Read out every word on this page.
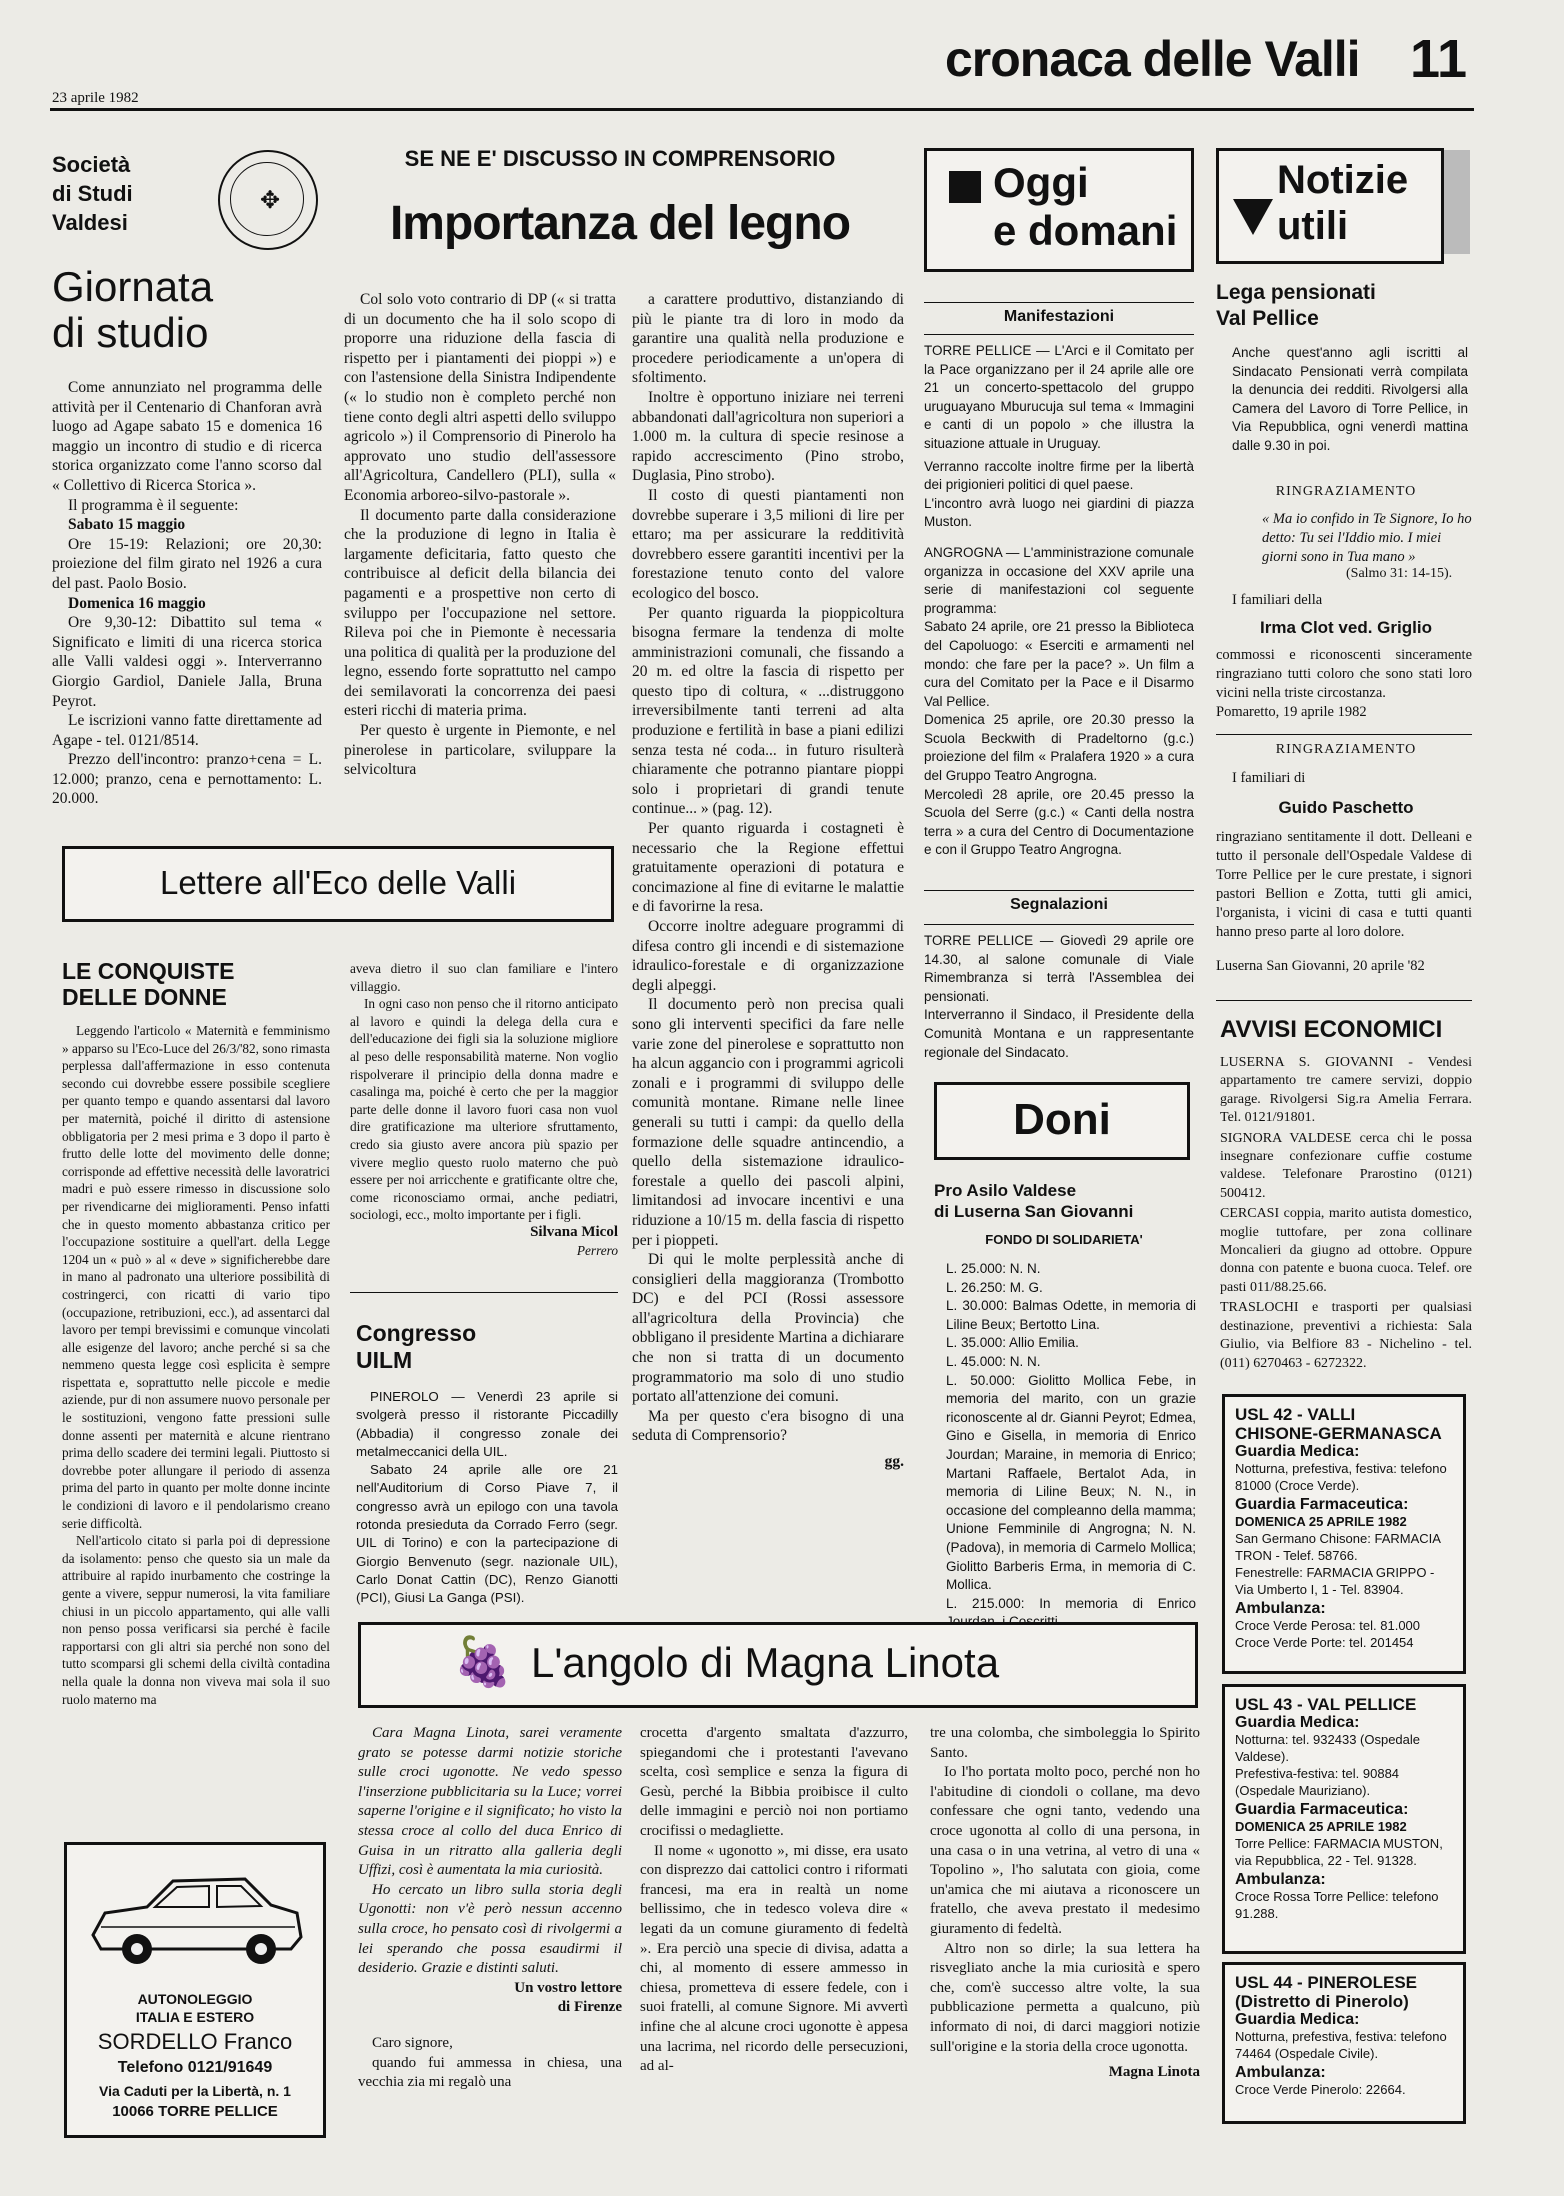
cronaca delle Valli 11
23 aprile 1982
Società
di Studi
Valdesi
✥
Giornata
di studio

Come annunziato nel programma delle attività per il Centenario di Chanforan avrà luogo ad Agape sabato 15 e domenica 16 maggio un incontro di studio e di ricerca storica organizzato come l'anno scorso dal « Collettivo di Ricerca Storica ».

Il programma è il seguente:

Sabato 15 maggio

Ore 15-19: Relazioni; ore 20,30: proiezione del film girato nel 1926 a cura del past. Paolo Bosio.

Domenica 16 maggio

Ore 9,30-12: Dibattito sul tema « Significato e limiti di una ricerca storica alle Valli valdesi oggi ». Interverranno Giorgio Gardiol, Daniele Jalla, Bruna Peyrot.

Le iscrizioni vanno fatte direttamente ad Agape - tel. 0121/8514.

Prezzo dell'incontro: pranzo+cena = L. 12.000; pranzo, cena e pernottamento: L. 20.000.

SE NE E' DISCUSSO IN COMPRENSORIO
Importanza del legno

Col solo voto contrario di DP (« si tratta di un documento che ha il solo scopo di proporre una riduzione della fascia di rispetto per i piantamenti dei pioppi ») e con l'astensione della Sinistra Indipendente (« lo studio non è completo perché non tiene conto degli altri aspetti dello sviluppo agricolo ») il Comprensorio di Pinerolo ha approvato uno studio dell'assessore all'Agricoltura, Candellero (PLI), sulla « Economia arboreo-silvo-pastorale ».

Il documento parte dalla considerazione che la produzione di legno in Italia è largamente deficitaria, fatto questo che contribuisce al deficit della bilancia dei pagamenti e a prospettive non certo di sviluppo per l'occupazione nel settore. Rileva poi che in Piemonte è necessaria una politica di qualità per la produzione del legno, essendo forte soprattutto nel campo dei semilavorati la concorrenza dei paesi esteri ricchi di materia prima.

Per questo è urgente in Piemonte, e nel pinerolese in particolare, sviluppare la selvicoltura

a carattere produttivo, distanziando di più le piante tra di loro in modo da garantire una qualità nella produzione e procedere periodicamente a un'opera di sfoltimento.

Inoltre è opportuno iniziare nei terreni abbandonati dall'agricoltura non superiori a 1.000 m. la cultura di specie resinose a rapido accrescimento (Pino strobo, Duglasia, Pino strobo).

Il costo di questi piantamenti non dovrebbe superare i 3,5 milioni di lire per ettaro; ma per assicurare la redditività dovrebbero essere garantiti incentivi per la forestazione tenuto conto del valore ecologico del bosco.

Per quanto riguarda la pioppicoltura bisogna fermare la tendenza di molte amministrazioni comunali, che fissando a 20 m. ed oltre la fascia di rispetto per questo tipo di coltura, « ...distruggono irreversibilmente tanti terreni ad alta produzione e fertilità in base a piani edilizi senza testa né coda... in futuro risulterà chiaramente che potranno piantare pioppi solo i proprietari di grandi tenute continue... » (pag. 12).

Per quanto riguarda i costagneti è necessario che la Regione effettui gratuitamente operazioni di potatura e concimazione al fine di evitarne le malattie e di favorirne la resa.

Occorre inoltre adeguare programmi di difesa contro gli incendi e di sistemazione idraulico-forestale e di organizzazione degli alpeggi.

Il documento però non precisa quali sono gli interventi specifici da fare nelle varie zone del pinerolese e soprattutto non ha alcun aggancio con i programmi agricoli zonali e i programmi di sviluppo delle comunità montane. Rimane nelle linee generali su tutti i campi: da quello della formazione delle squadre antincendio, a quello della sistemazione idraulico-forestale a quello dei pascoli alpini, limitandosi ad invocare incentivi e una riduzione a 10/15 m. della fascia di rispetto per i pioppeti.

Di qui le molte perplessità anche di consiglieri della maggioranza (Trombotto DC) e del PCI (Rossi assessore all'agricoltura della Provincia) che obbligano il presidente Martina a dichiarare che non si tratta di un documento programmatorio ma solo di uno studio portato all'attenzione dei comuni.

Ma per questo c'era bisogno di una seduta di Comprensorio?

gg.
Oggi
e domani
Manifestazioni

TORRE PELLICE — L'Arci e il Comitato per la Pace organizzano per il 24 aprile alle ore 21 un concerto-spettacolo del gruppo uruguayano Mburucuja sul tema « Immagini e canti di un popolo » che illustra la situazione attuale in Uruguay.

Verranno raccolte inoltre firme per la libertà dei prigionieri politici di quel paese.

L'incontro avrà luogo nei giardini di piazza Muston.

ANGROGNA — L'amministrazione comunale organizza in occasione del XXV aprile una serie di manifestazioni col seguente programma:

Sabato 24 aprile, ore 21 presso la Biblioteca del Capoluogo: « Eserciti e armamenti nel mondo: che fare per la pace? ». Un film a cura del Comitato per la Pace e il Disarmo Val Pellice.

Domenica 25 aprile, ore 20.30 presso la Scuola Beckwith di Pradeltorno (g.c.) proiezione del film « Pralafera 1920 » a cura del Gruppo Teatro Angrogna.

Mercoledì 28 aprile, ore 20.45 presso la Scuola del Serre (g.c.) « Canti della nostra terra » a cura del Centro di Documentazione e con il Gruppo Teatro Angrogna.

Segnalazioni

TORRE PELLICE — Giovedì 29 aprile ore 14.30, al salone comunale di Viale Rimembranza si terrà l'Assemblea dei pensionati.

Interverranno il Sindaco, il Presidente della Comunità Montana e un rappresentante regionale del Sindacato.

Doni
Pro Asilo Valdese
di Luserna San Giovanni
FONDO DI SOLIDARIETA'

L. 25.000: N. N.

L. 26.250: M. G.

L. 30.000: Balmas Odette, in memoria di Liline Beux; Bertotto Lina.

L. 35.000: Allio Emilia.

L. 45.000: N. N.

L. 50.000: Giolitto Mollica Febe, in memoria del marito, con un grazie riconoscente al dr. Gianni Peyrot; Edmea, Gino e Gisella, in memoria di Enrico Jourdan; Maraine, in memoria di Enrico; Martani Raffaele, Bertalot Ada, in memoria di Liline Beux; N. N., in occasione del compleanno della mamma; Unione Femminile di Angrogna; N. N. (Padova), in memoria di Carmelo Mollica; Giolitto Barberis Erma, in memoria di C. Mollica.

L. 215.000: In memoria di Enrico

Notizie
utili
Lega pensionati
Val Pellice
Anche quest'anno agli iscritti al Sindacato Pensionati verrà compilata la denuncia dei redditi. Rivolgersi alla Camera del Lavoro di Torre Pellice, in Via Repubblica, ogni venerdì mattina dalle 9.30 in poi.
RINGRAZIAMENTO
« Ma io confido in Te Signore, Io ho detto: Tu sei l'Iddio mio. I miei giorni sono in Tua mano »
(Salmo 31: 14-15).
I familiari della
Irma Clot ved. Griglio
commossi e riconoscenti sinceramente ringraziano tutti coloro che sono stati loro vicini nella triste circostanza.
Pomaretto, 19 aprile 1982
RINGRAZIAMENTO
I familiari di
Guido Paschetto
ringraziano sentitamente il dott. Delleani e tutto il personale dell'Ospedale Valdese di Torre Pellice per le cure prestate, i signori pastori Bellion e Zotta, tutti gli amici, l'organista, i vicini di casa e tutti quanti hanno preso parte al loro dolore.
Luserna San Giovanni, 20 aprile '82
AVVISI ECONOMICI

LUSERNA S. GIOVANNI - Vendesi appartamento tre camere servizi, doppio garage. Rivolgersi Sig.ra Amelia Ferrara. Tel. 0121/91801.

SIGNORA VALDESE cerca chi le possa insegnare confezionare cuffie costume valdese. Telefonare Prarostino (0121) 500412.

CERCASI coppia, marito autista domestico, moglie tuttofare, per zona collinare Moncalieri da giugno ad ottobre. Oppure donna con patente e buona cuoca. Telef. ore pasti 011/88.25.66.

TRASLOCHI e trasporti per qualsiasi destinazione, preventivi a richiesta: Sala Giulio, via Belfiore 83 - Nichelino - tel. (011) 6270463 - 6272322.

USL 42 - VALLI
CHISONE-GERMANASCA
Guardia Medica:
Notturna, prefestiva, festiva: telefono 81000 (Croce Verde).
Guardia Farmaceutica:
DOMENICA 25 APRILE 1982
San Germano Chisone: FARMACIA TRON - Telef. 58766.
Fenestrelle: FARMACIA GRIPPO - Via Umberto I, 1 - Tel. 83904.
Ambulanza:
Croce Verde Perosa: tel. 81.000
Croce Verde Porte: tel. 201454
USL 43 - VAL PELLICE
Guardia Medica:
Notturna: tel. 932433 (Ospedale Valdese).
Prefestiva-festiva: tel. 90884 (Ospedale Mauriziano).
Guardia Farmaceutica:
DOMENICA 25 APRILE 1982
Torre Pellice: FARMACIA MUSTON, via Repubblica, 22 - Tel. 91328.
Ambulanza:
Croce Rossa Torre Pellice: telefono 91.288.
USL 44 - PINEROLESE
(Distretto di Pinerolo)
Guardia Medica:
Notturna, prefestiva, festiva: telefono 74464 (Ospedale Civile).
Ambulanza:
Croce Verde Pinerolo: 22664.
Lettere all'Eco delle Valli
LE CONQUISTE
DELLE DONNE

Leggendo l'articolo « Maternità e femminismo » apparso su l'Eco-Luce del 26/3/'82, sono rimasta perplessa dall'affermazione in esso contenuta secondo cui dovrebbe essere possibile scegliere per quanto tempo e quando assentarsi dal lavoro per maternità, poiché il diritto di astensione obbligatoria per 2 mesi prima e 3 dopo il parto è frutto delle lotte del movimento delle donne; corrisponde ad effettive necessità delle lavoratrici madri e può essere rimesso in discussione solo per rivendicarne dei miglioramenti. Penso infatti che in questo momento abbastanza critico per l'occupazione sostituire a quell'art. della Legge 1204 un « può » al « deve » significherebbe dare in mano al padronato una ulteriore possibilità di costringerci, con ricatti di vario tipo (occupazione, retribuzioni, ecc.), ad assentarci dal lavoro per tempi brevissimi e comunque vincolati alle esigenze del lavoro; anche perché si sa che nemmeno questa legge così esplicita è sempre rispettata e, soprattutto nelle piccole e medie aziende, pur di non assumere nuovo personale per le sostituzioni, vengono fatte pressioni sulle donne assenti per maternità e alcune rientrano prima dello scadere dei termini legali. Piuttosto si dovrebbe poter allungare il periodo di assenza prima del parto in quanto per molte donne incinte le condizioni di lavoro e il pendolarismo creano serie difficoltà.

Nell'articolo citato si parla poi di depressione da isolamento: penso che questo sia un male da attribuire al rapido inurbamento che costringe la gente a vivere, seppur numerosi, la vita familiare chiusi in un piccolo appartamento, qui alle valli non penso possa verificarsi sia perché è facile rapportarsi con gli altri sia perché non sono del tutto scomparsi gli schemi della civiltà contadina nella quale la donna non viveva mai sola il suo ruolo materno ma

aveva dietro il suo clan familiare e l'intero villaggio.

In ogni caso non penso che il ritorno anticipato al lavoro e quindi la delega della cura e dell'educazione dei figli sia la soluzione migliore al peso delle responsabilità materne. Non voglio rispolverare il principio della donna madre e casalinga ma, poiché è certo che per la maggior parte delle donne il lavoro fuori casa non vuol dire gratificazione ma ulteriore sfruttamento, credo sia giusto avere ancora più spazio per vivere meglio questo ruolo materno che può essere per noi arricchente e gratificante oltre che, come riconosciamo ormai, anche pediatri, sociologi, ecc., molto importante per i figli.

Silvana Micol
Perrero
Congresso
UILM

PINEROLO — Venerdì 23 aprile si svolgerà presso il ristorante Piccadilly (Abbadia) il congresso zonale dei metalmeccanici della UIL.

Sabato 24 aprile alle ore 21 nell'Auditorium di Corso Piave 7, il congresso avrà un epilogo con una tavola rotonda presieduta da Corrado Ferro (segr. UIL di Torino) e con la partecipazione di Giorgio Benvenuto (segr. nazionale UIL), Carlo Donat Cattin (DC), Renzo Gianotti (PCI), Giusi La Ganga (PSI).

🍇 L'angolo di Magna Linota

Cara Magna Linota, sarei veramente grato se potesse darmi notizie storiche sulle croci ugonotte. Ne vedo spesso l'inserzione pubblicitaria su la Luce; vorrei saperne l'origine e il significato; ho visto la stessa croce al collo del duca Enrico di Guisa in un ritratto alla galleria degli Uffizi, così è aumentata la mia curiosità.

Ho cercato un libro sulla storia degli Ugonotti: non v'è però nessun accenno sulla croce, ho pensato così di rivolgermi a lei sperando che possa esaudirmi il desiderio. Grazie e distinti saluti.

Un vostro lettore
di Firenze

Caro signore,

quando fui ammessa in chiesa, una vecchia zia mi regalò una

crocetta d'argento smaltata d'azzurro, spiegandomi che i protestanti l'avevano scelta, così semplice e senza la figura di Gesù, perché la Bibbia proibisce il culto delle immagini e perciò noi non portiamo crocifissi o medagliette.

Il nome « ugonotto », mi disse, era usato con disprezzo dai cattolici contro i riformati francesi, ma era in realtà un nome bellissimo, che in tedesco voleva dire « legati da un comune giuramento di fedeltà ». Era perciò una specie di divisa, adatta a chi, al momento di essere ammesso in chiesa, prometteva di essere fedele, con i suoi fratelli, al comune Signore. Mi avvertì infine che al alcune croci ugonotte è appesa una lacrima, nel ricordo delle persecuzioni, ad al-

tre una colomba, che simboleggia lo Spirito Santo.

Io l'ho portata molto poco, perché non ho l'abitudine di ciondoli o collane, ma devo confessare che ogni tanto, vedendo una croce ugonotta al collo di una persona, in una casa o in una vetrina, al vetro di una « Topolino », l'ho salutata con gioia, come un'amica che mi aiutava a riconoscere un fratello, che aveva prestato il medesimo giuramento di fedeltà.

Altro non so dirle; la sua lettera ha risvegliato anche la mia curiosità e spero che, com'è successo altre volte, la sua pubblicazione permetta a qualcuno, più informato di noi, di darci maggiori notizie sull'origine e la storia della croce ugonotta.

Magna Linota
AUTONOLEGGIO
ITALIA E ESTERO
SORDELLO Franco
Telefono 0121/91649
Via Caduti per la Libertà, n. 1
10066 TORRE PELLICE
